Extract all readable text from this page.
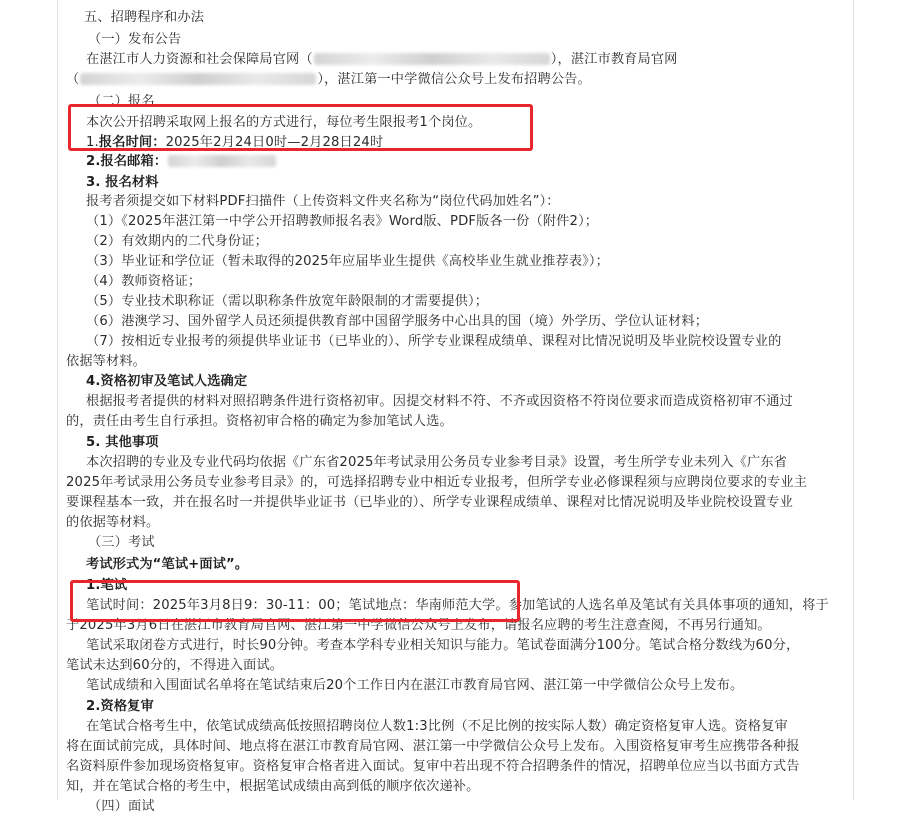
五、招聘程序和办法
（一）发布公告
在湛江市人力资源和社会保障局官网（	），湛江市教育局官网
（	），湛江第一中学微信公众号上发布招聘公告。
（二）报名
本次公开招聘采取网上报名的方式进行，每位考生限报考1个岗位。
1.报名时间：2025年2月24日0时—2月28日24时
2.报名邮箱：
3. 报名材料
报考者须提交如下材料PDF扫描件（上传资料文件夹名称为“岗位代码加姓名”）：
（1）《2025年湛江第一中学公开招聘教师报名表》Word版、PDF版各一份（附件2）；
（2）有效期内的二代身份证；
（3）毕业证和学位证（暂未取得的2025年应届毕业生提供《高校毕业生就业推荐表》）；
（4）教师资格证；
（5）专业技术职称证（需以职称条件放宽年龄限制的才需要提供）；
（6）港澳学习、国外留学人员还须提供教育部中国留学服务中心出具的国（境）外学历、学位认证材料；
（7）按相近专业报考的须提供毕业证书（已毕业的）、所学专业课程成绩单、课程对比情况说明及毕业院校设置专业的
依据等材料。
4.资格初审及笔试人选确定
根据报考者提供的材料对照招聘条件进行资格初审。因提交材料不符、不齐或因资格不符岗位要求而造成资格初审不通过
的，责任由考生自行承担。资格初审合格的确定为参加笔试人选。
5. 其他事项
本次招聘的专业及专业代码均依据《广东省2025年考试录用公务员专业参考目录》设置，考生所学专业未列入《广东省
2025年考试录用公务员专业参考目录》的，可选择招聘专业中相近专业报考，但所学专业必修课程须与应聘岗位要求的专业主
要课程基本一致，并在报名时一并提供毕业证书（已毕业的）、所学专业课程成绩单、课程对比情况说明及毕业院校设置专业
的依据等材料。
（三）考试
考试形式为“笔试+面试”。
1.笔试
笔试时间：2025年3月8日9：30-11：00；笔试地点：华南师范大学。参加笔试的人选名单及笔试有关具体事项的通知，将于
于2025年3月6日在湛江市教育局官网、湛江第一中学微信公众号上发布，请报名应聘的考生注意查阅，不再另行通知。
笔试采取闭卷方式进行，时长90分钟。考查本学科专业相关知识与能力。笔试卷面满分100分。笔试合格分数线为60分，
笔试未达到60分的，不得进入面试。
笔试成绩和入围面试名单将在笔试结束后20个工作日内在湛江市教育局官网、湛江第一中学微信公众号上发布。
2.资格复审
在笔试合格考生中，依笔试成绩高低按照招聘岗位人数1:3比例（不足比例的按实际人数）确定资格复审人选。资格复审
将在面试前完成，具体时间、地点将在湛江市教育局官网、湛江第一中学微信公众号上发布。入围资格复审考生应携带各种报
名资料原件参加现场资格复审。资格复审合格者进入面试。复审中若出现不符合招聘条件的情况，招聘单位应当以书面方式告
知，并在笔试合格的考生中，根据笔试成绩由高到低的顺序依次递补。
（四）面试
